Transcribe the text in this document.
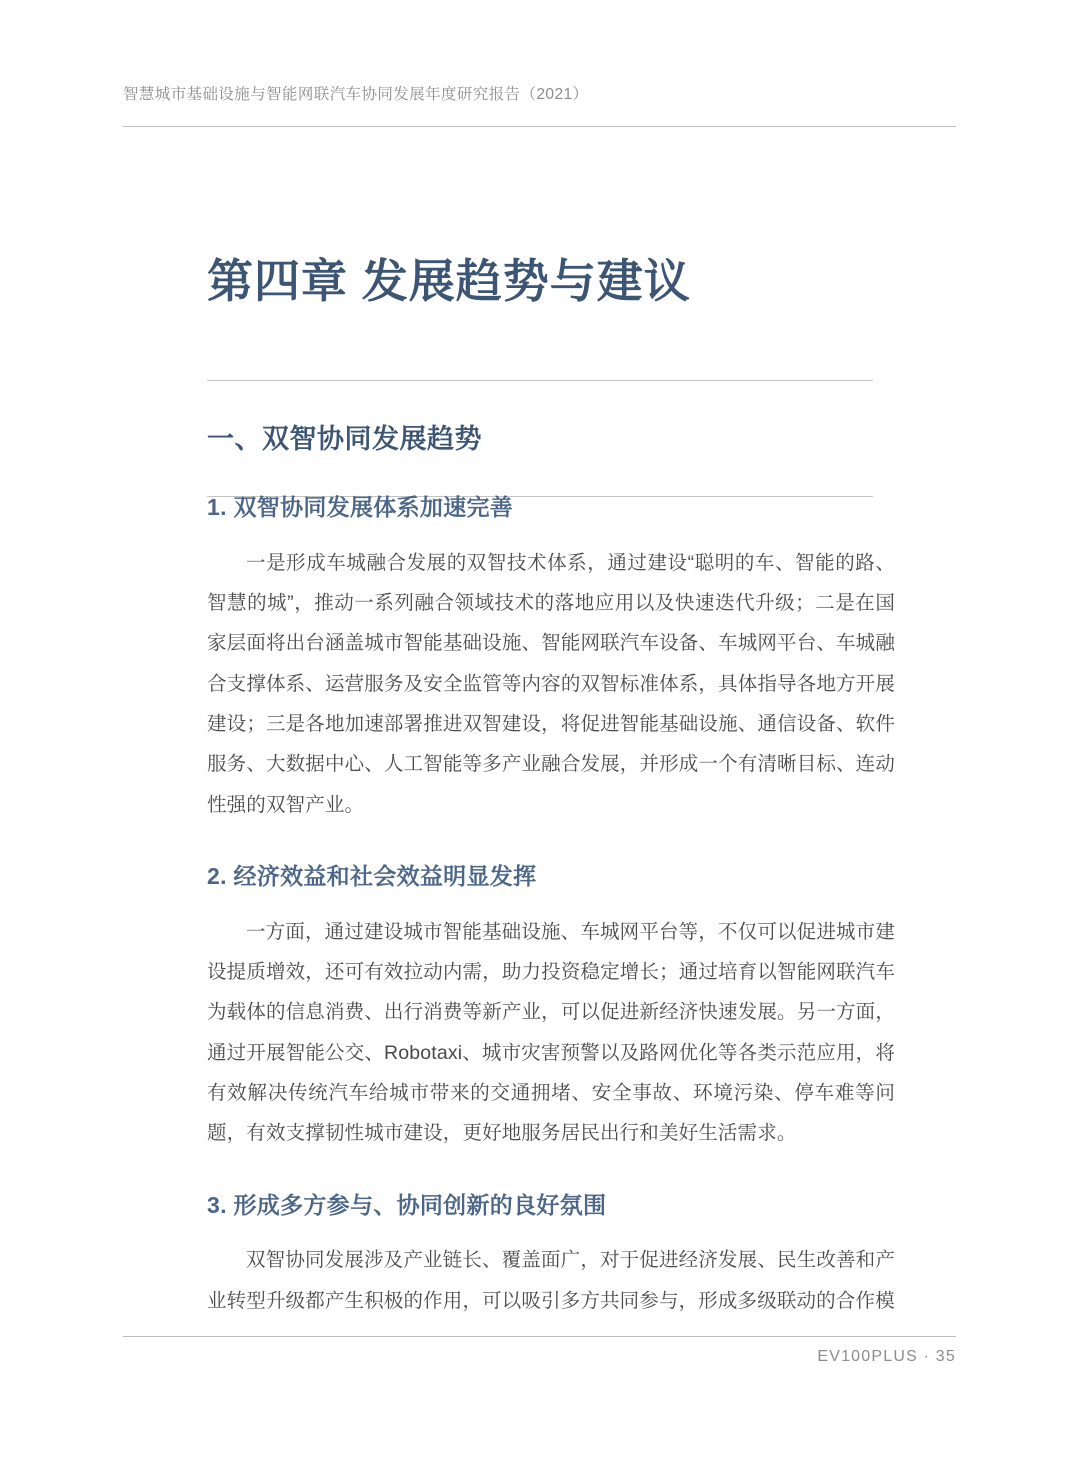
智慧城市基础设施与智能网联汽车协同发展年度研究报告（2021）
第四章 发展趋势与建议
一、双智协同发展趋势
1. 双智协同发展体系加速完善

一是形成车城融合发展的双智技术体系，通过建设“聪明的车、智能的路、智慧的城”，推动一系列融合领域技术的落地应用以及快速迭代升级；二是在国家层面将出台涵盖城市智能基础设施、智能网联汽车设备、车城网平台、车城融合支撑体系、运营服务及安全监管等内容的双智标准体系，具体指导各地方开展建设；三是各地加速部署推进双智建设，将促进智能基础设施、通信设备、软件服务、大数据中心、人工智能等多产业融合发展，并形成一个有清晰目标、连动性强的双智产业。

2. 经济效益和社会效益明显发挥

一方面，通过建设城市智能基础设施、车城网平台等，不仅可以促进城市建设提质增效，还可有效拉动内需，助力投资稳定增长；通过培育以智能网联汽车为载体的信息消费、出行消费等新产业，可以促进新经济快速发展。另一方面，通过开展智能公交、Robotaxi、城市灾害预警以及路网优化等各类示范应用，将有效解决传统汽车给城市带来的交通拥堵、安全事故、环境污染、停车难等问题，有效支撑韧性城市建设，更好地服务居民出行和美好生活需求。

3. 形成多方参与、协同创新的良好氛围

双智协同发展涉及产业链长、覆盖面广，对于促进经济发展、民生改善和产业转型升级都产生积极的作用，可以吸引多方共同参与，形成多级联动的合作模

EV100PLUS · 35
